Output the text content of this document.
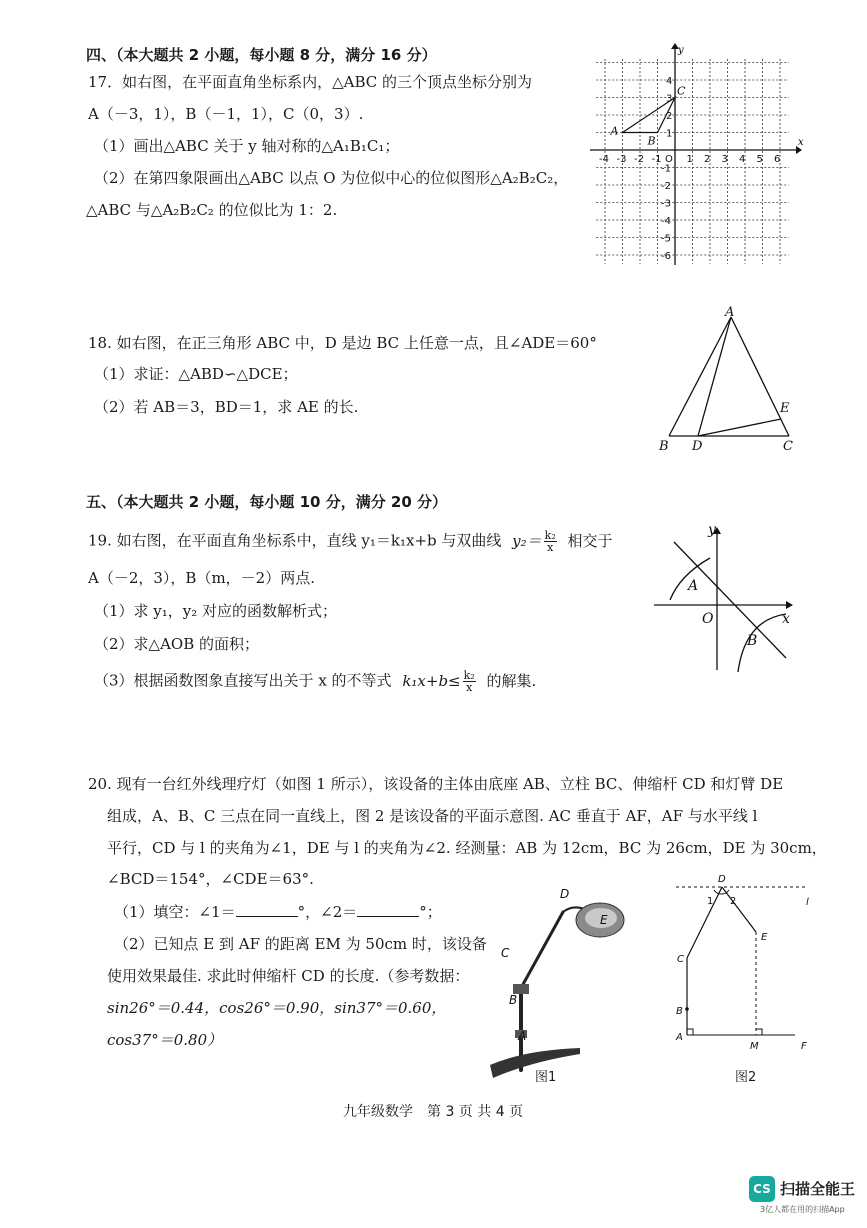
四、（本大题共 2 小题，每小题 8 分，满分 16 分）
17．如右图，在平面直角坐标系内，△ABC 的三个顶点坐标分别为
A（－3，1），B（－1，1），C（0，3）.
（1）画出△ABC 关于 y 轴对称的△A₁B₁C₁；
（2）在第四象限画出△ABC 以点 O 为位似中心的位似图形△A₂B₂C₂，
△ABC 与△A₂B₂C₂ 的位似比为 1：2.
-4 -3 -2 -1 O 1 2 3 4 5 6
4
3
2
1
-1
-2
-3
-4
-5
-6
x
y
A
B
C
18. 如右图，在正三角形 ABC 中，D 是边 BC 上任意一点，且∠ADE＝60°
（1）求证：△ABD∽△DCE；
（2）若 AB＝3，BD＝1，求 AE 的长.
A
B	C
D
E
五、（本大题共 2 小题，每小题 10 分，满分 20 分）
19. 如右图，在平面直角坐标系中，直线 y₁＝k₁x+b 与双曲线 $y_2= \frac{\text{k₂}}{x}$ 相交于
A（－2，3），B（m，－2）两点.
（1）求 y₁，y₂ 对应的函数解析式；
（2）求△AOB 的面积；
（3）根据函数图象直接写出关于 x 的不等式 $k_1x+b\le \frac{\text{k₂}}{x}$ 的解集.
x
y
O
A
B
20. 现有一台红外线理疗灯（如图 1 所示），该设备的主体由底座 AB、立柱 BC、伸缩杆 CD 和灯臂 DE
组成，A、B、C 三点在同一直线上，图 2 是该设备的平面示意图. AC 垂直于 AF，AF 与水平线 l
平行，CD 与 l 的夹角为∠1，DE 与 l 的夹角为∠2. 经测量：AB 为 12cm，BC 为 26cm，DE 为 30cm，
∠BCD＝154°，∠CDE＝63°.
（1）填空：∠1＝	°，∠2＝	°；
（2）已知点 E 到 AF 的距离 EM 为 50cm 时，该设备
使用效果最佳. 求此时伸缩杆 CD 的长度.（参考数据：
sin26°＝0.44，cos26°＝0.90，sin37°＝0.60，
cos37°＝0.80）
D
E
C
B
A
图1
D
l
1 2
C
E
B
A
M	F
图2
九年级数学　第 3 页 共 4 页
CS 扫描全能王
3亿人都在用的扫描App
